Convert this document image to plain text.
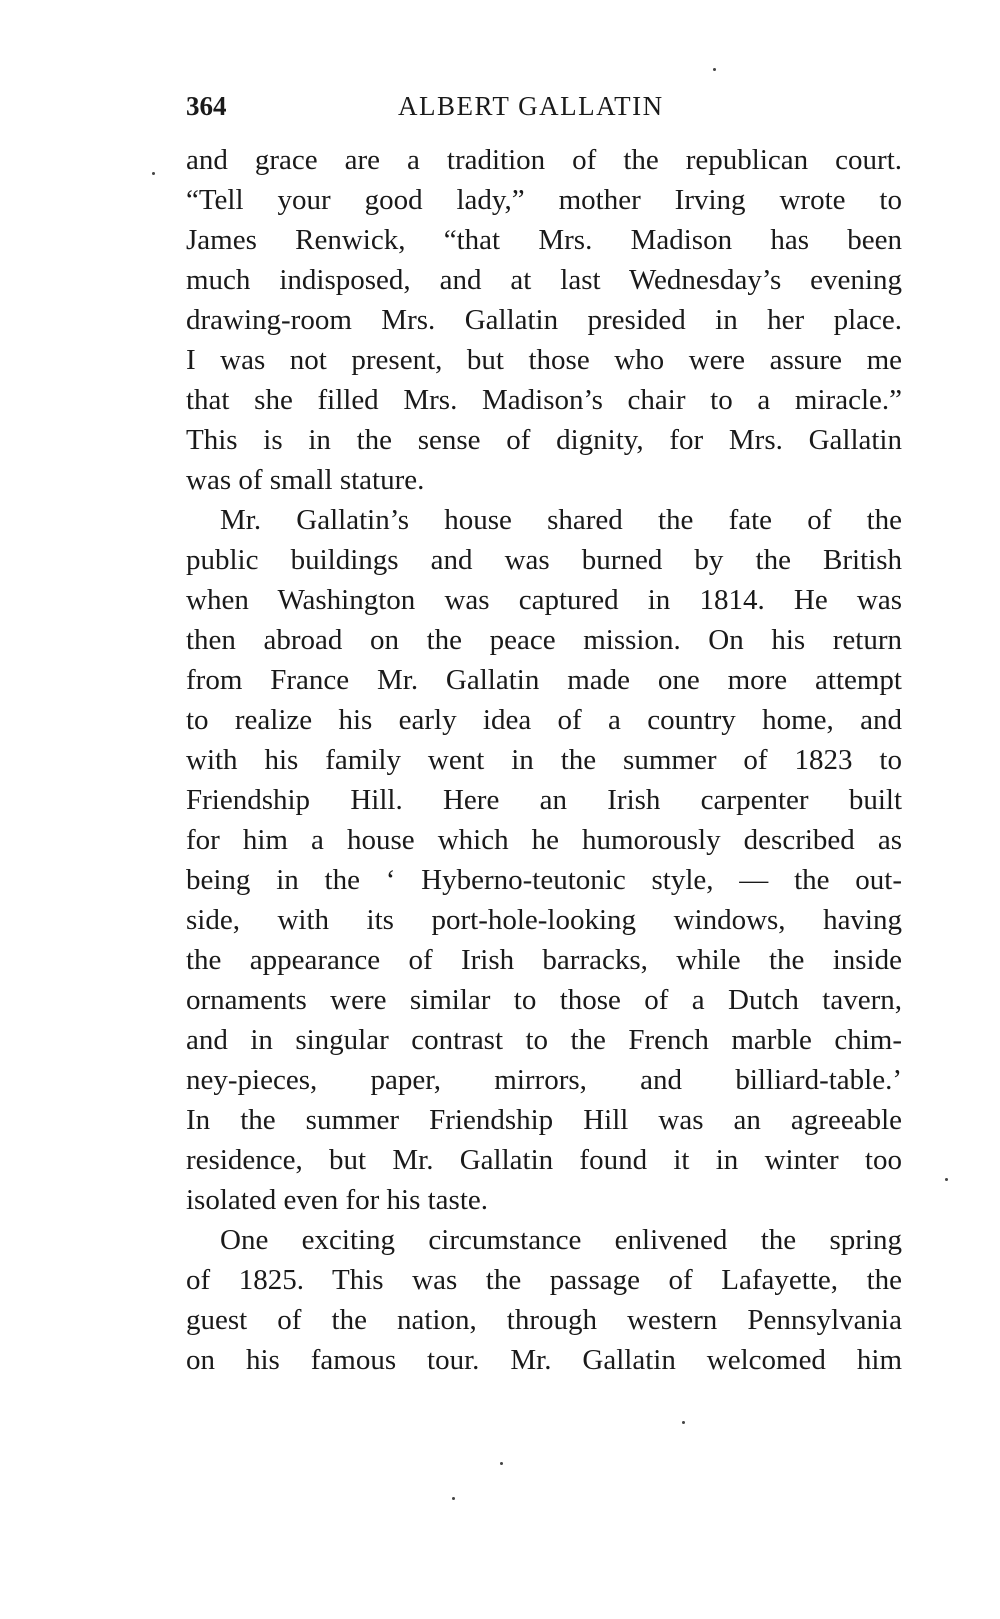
364	ALBERT GALLATIN
and grace are a tradition of the republican court.
“Tell your good lady,” mother Irving wrote to
James Renwick, “that Mrs. Madison has been
much indisposed, and at last Wednesday’s evening
drawing-room Mrs. Gallatin presided in her place.
I was not present, but those who were assure me
that she filled Mrs. Madison’s chair to a miracle.”
This is in the sense of dignity, for Mrs. Gallatin
was of small stature.
Mr. Gallatin’s house shared the fate of the
public buildings and was burned by the British
when Washington was captured in 1814. He was
then abroad on the peace mission. On his return
from France Mr. Gallatin made one more attempt
to realize his early idea of a country home, and
with his family went in the summer of 1823 to
Friendship Hill. Here an Irish carpenter built
for him a house which he humorously described as
being in the ‘ Hyberno-teutonic style, — the out-
side, with its port-hole-looking windows, having
the appearance of Irish barracks, while the inside
ornaments were similar to those of a Dutch tavern,
and in singular contrast to the French marble chim-
ney-pieces, paper, mirrors, and billiard-table.’
In the summer Friendship Hill was an agreeable
residence, but Mr. Gallatin found it in winter too
isolated even for his taste.
One exciting circumstance enlivened the spring
of 1825. This was the passage of Lafayette, the
guest of the nation, through western Pennsylvania
on his famous tour. Mr. Gallatin welcomed him
